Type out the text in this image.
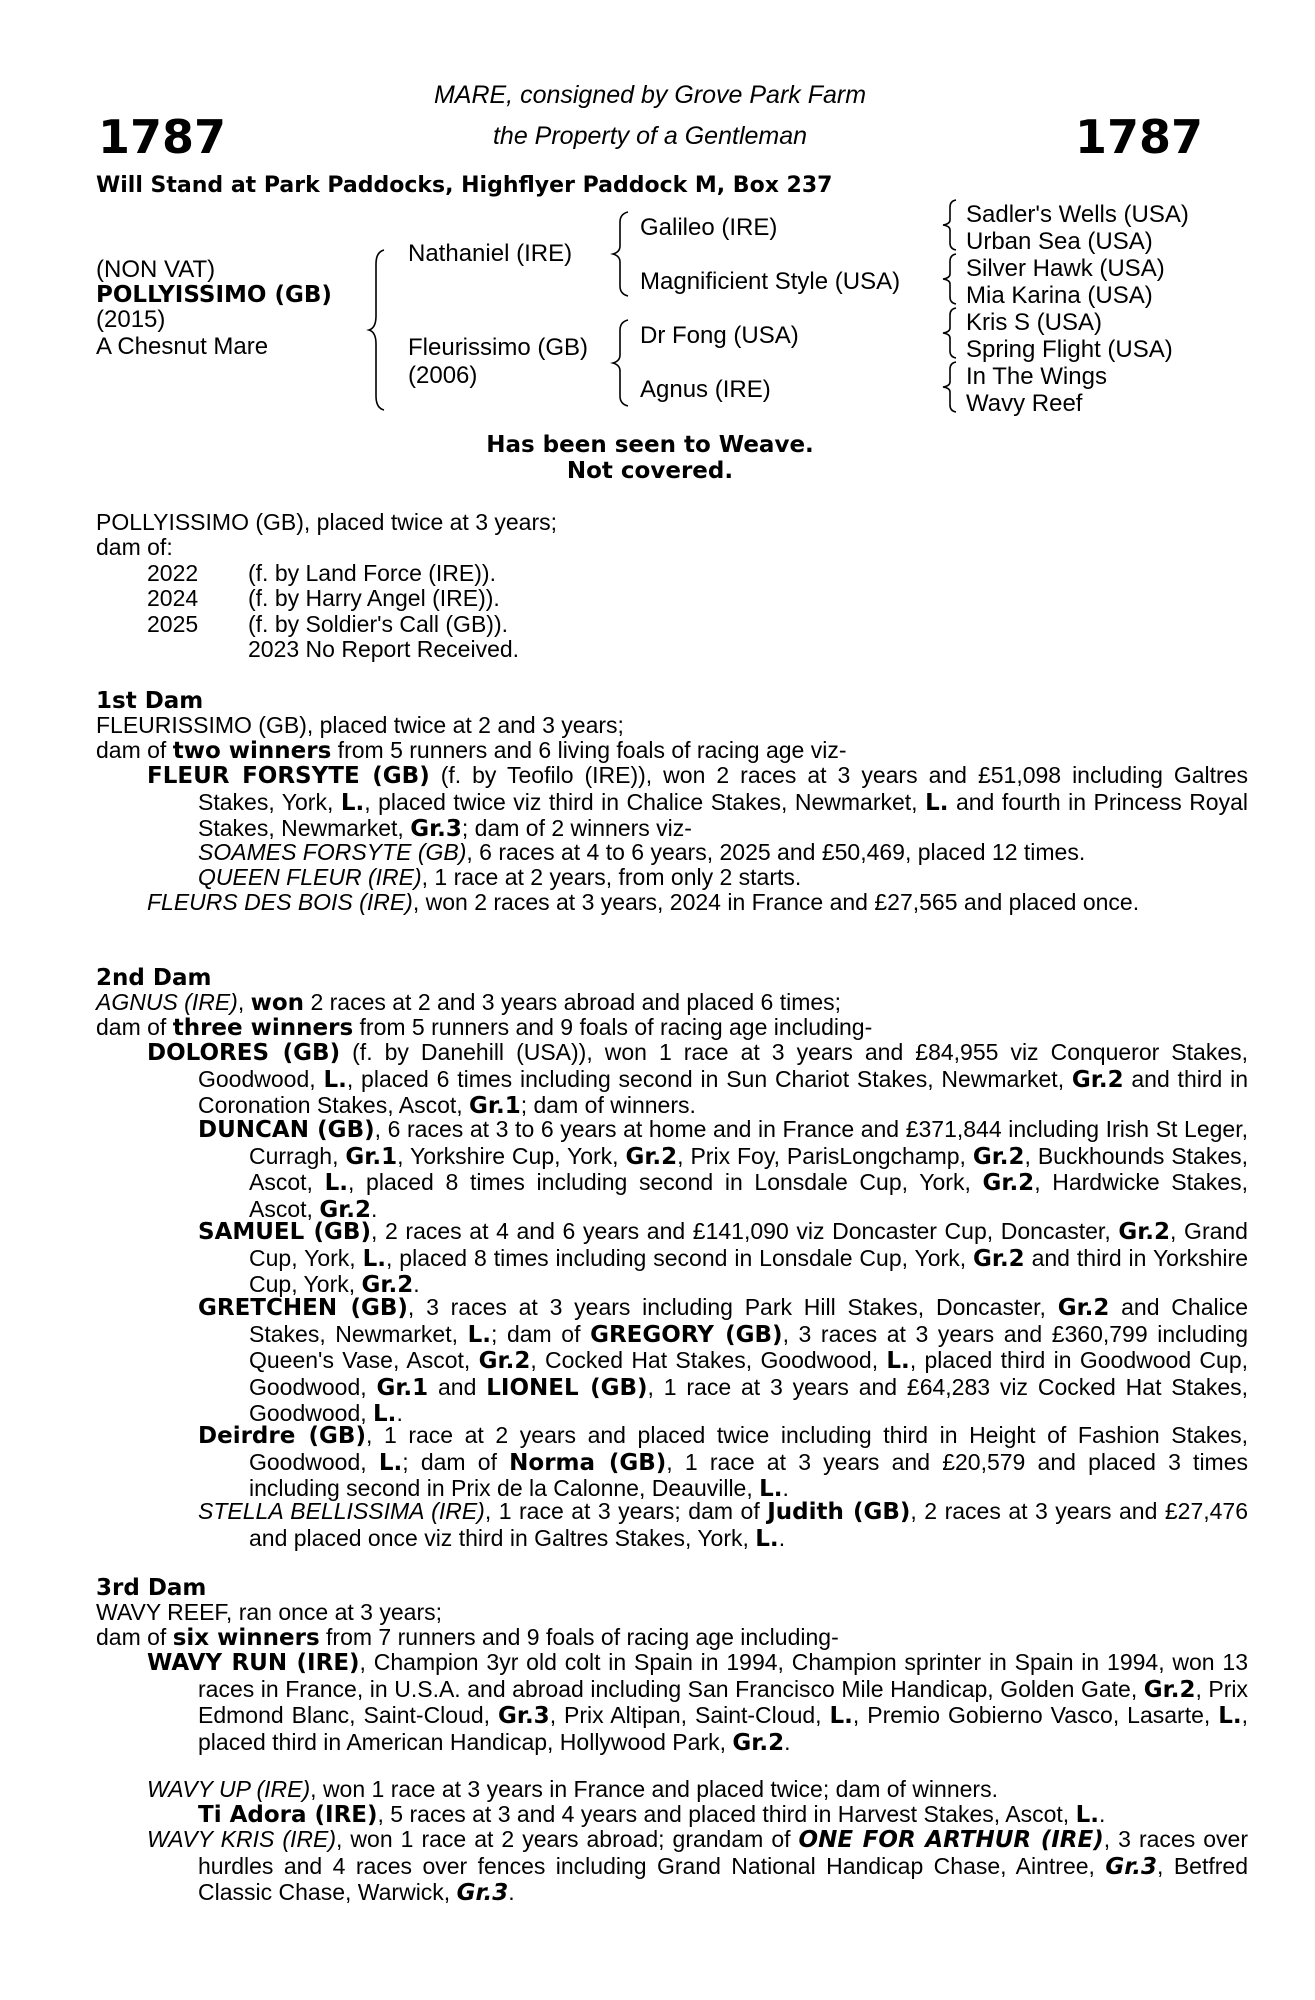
1787	1787
MARE, consigned by Grove Park Farm
the Property of a Gentleman
Will Stand at Park Paddocks, Highflyer Paddock M, Box 237
(NON VAT)
POLLYISSIMO (GB)
(2015)
A Chesnut Mare
Nathaniel (IRE)
Fleurissimo (GB)
(2006)
Galileo (IRE)
Magnificient Style (USA)
Dr Fong (USA)
Agnus (IRE)
Sadler's Wells (USA)
Urban Sea (USA)
Silver Hawk (USA)
Mia Karina (USA)
Kris S (USA)
Spring Flight (USA)
In The Wings
Wavy Reef
Has been seen to Weave.
Not covered.
POLLYISSIMO (GB), placed twice at 3 years;
dam of:
2022 (f. by Land Force (IRE)).
2024 (f. by Harry Angel (IRE)).
2025 (f. by Soldier's Call (GB)).
2023 No Report Received.
1st Dam
FLEURISSIMO (GB), placed twice at 2 and 3 years;
dam of two winners from 5 runners and 6 living foals of racing age viz-
FLEUR FORSYTE (GB) (f. by Teofilo (IRE)), won 2 races at 3 years and £51,098 including Galtres Stakes, York, L., placed twice viz third in Chalice Stakes, Newmarket, L. and fourth in Princess Royal Stakes, Newmarket, Gr.3; dam of 2 winners viz-
SOAMES FORSYTE (GB), 6 races at 4 to 6 years, 2025 and £50,469, placed 12 times.
QUEEN FLEUR (IRE), 1 race at 2 years, from only 2 starts.
FLEURS DES BOIS (IRE), won 2 races at 3 years, 2024 in France and £27,565 and placed once.
2nd Dam
AGNUS (IRE), won 2 races at 2 and 3 years abroad and placed 6 times;
dam of three winners from 5 runners and 9 foals of racing age including-
DOLORES (GB) (f. by Danehill (USA)), won 1 race at 3 years and £84,955 viz Conqueror Stakes, Goodwood, L., placed 6 times including second in Sun Chariot Stakes, Newmarket, Gr.2 and third in Coronation Stakes, Ascot, Gr.1; dam of winners.
DUNCAN (GB), 6 races at 3 to 6 years at home and in France and £371,844 including Irish St Leger, Curragh, Gr.1, Yorkshire Cup, York, Gr.2, Prix Foy, ParisLongchamp, Gr.2, Buckhounds Stakes, Ascot, L., placed 8 times including second in Lonsdale Cup, York, Gr.2, Hardwicke Stakes, Ascot, Gr.2.
SAMUEL (GB), 2 races at 4 and 6 years and £141,090 viz Doncaster Cup, Doncaster, Gr.2, Grand Cup, York, L., placed 8 times including second in Lonsdale Cup, York, Gr.2 and third in Yorkshire Cup, York, Gr.2.
GRETCHEN (GB), 3 races at 3 years including Park Hill Stakes, Doncaster, Gr.2 and Chalice Stakes, Newmarket, L.; dam of GREGORY (GB), 3 races at 3 years and £360,799 including Queen's Vase, Ascot, Gr.2, Cocked Hat Stakes, Goodwood, L., placed third in Goodwood Cup, Goodwood, Gr.1 and LIONEL (GB), 1 race at 3 years and £64,283 viz Cocked Hat Stakes, Goodwood, L..
Deirdre (GB), 1 race at 2 years and placed twice including third in Height of Fashion Stakes, Goodwood, L.; dam of Norma (GB), 1 race at 3 years and £20,579 and placed 3 times including second in Prix de la Calonne, Deauville, L..
STELLA BELLISSIMA (IRE), 1 race at 3 years; dam of Judith (GB), 2 races at 3 years and £27,476 and placed once viz third in Galtres Stakes, York, L..
3rd Dam
WAVY REEF, ran once at 3 years;
dam of six winners from 7 runners and 9 foals of racing age including-
WAVY RUN (IRE), Champion 3yr old colt in Spain in 1994, Champion sprinter in Spain in 1994, won 13 races in France, in U.S.A. and abroad including San Francisco Mile Handicap, Golden Gate, Gr.2, Prix Edmond Blanc, Saint-Cloud, Gr.3, Prix Altipan, Saint-Cloud, L., Premio Gobierno Vasco, Lasarte, L., placed third in American Handicap, Hollywood Park, Gr.2.
WAVY UP (IRE), won 1 race at 3 years in France and placed twice; dam of winners.
Ti Adora (IRE), 5 races at 3 and 4 years and placed third in Harvest Stakes, Ascot, L..
WAVY KRIS (IRE), won 1 race at 2 years abroad; grandam of ONE FOR ARTHUR (IRE), 3 races over hurdles and 4 races over fences including Grand National Handicap Chase, Aintree, Gr.3, Betfred Classic Chase, Warwick, Gr.3.
